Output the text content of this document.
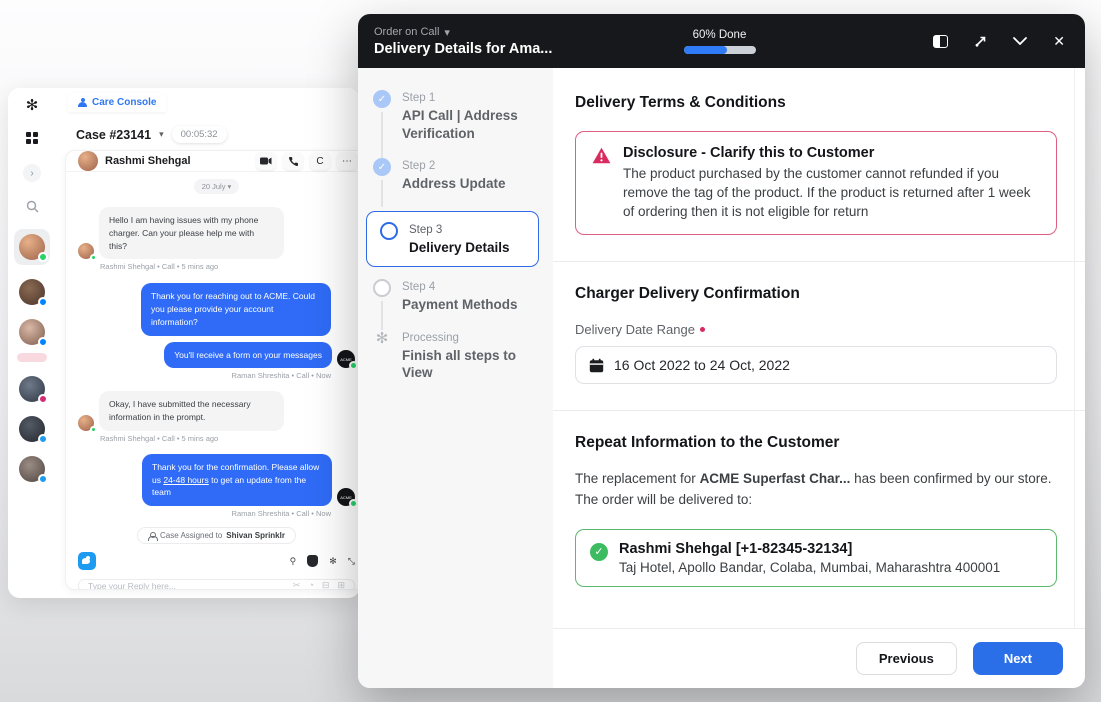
✻
›
Care Console
Case #23141 ▾	00:05:32
Rashmi Shehgal	C	⋯
20 July ▾
Hello I am having issues with my phone charger. Can your please help me with this?
Rashmi Shehgal • Call • 5 mins ago
Thank you for reaching out to ACME. Could you please provide your account information?
You'll receive a form on your messages	ACME
Raman Shreshita • Call • Now
Okay, I have submitted the necessary information in the prompt.
Rashmi Shehgal • Call • 5 mins ago
Thank you for the confirmation. Please allow us 24-48 hours to get an update from the team	ACME
Raman Shreshita • Call • Now
Case Assigned to Shivan Sprinklr
⚲	✻ ⤡
Type your Reply here...
✂ ◔ ⊟ ⊞
Order on Call ▾
Delivery Details for Ama...
60% Done	✕
✓	Step 1
API Call | Address Verification
✓	Step 2
Address Update
Step 3
Delivery Details
Step 4
Payment Methods
✻ Processing
Finish all steps to View
Delivery Terms & Conditions
Disclosure - Clarify this to Customer
The product purchased by the customer cannot refunded if you remove the tag of the product. If the product is returned after 1 week of ordering then it is not eligible for return
Charger Delivery Confirmation
Delivery Date Range
16 Oct 2022 to 24 Oct, 2022
Repeat Information to the Customer
The replacement for ACME Superfast Char... has been confirmed by our store. The order will be delivered to:
✓	Rashmi Shehgal [+1-82345-32134]
Taj Hotel, Apollo Bandar, Colaba, Mumbai, Maharashtra 400001
Previous	Next
